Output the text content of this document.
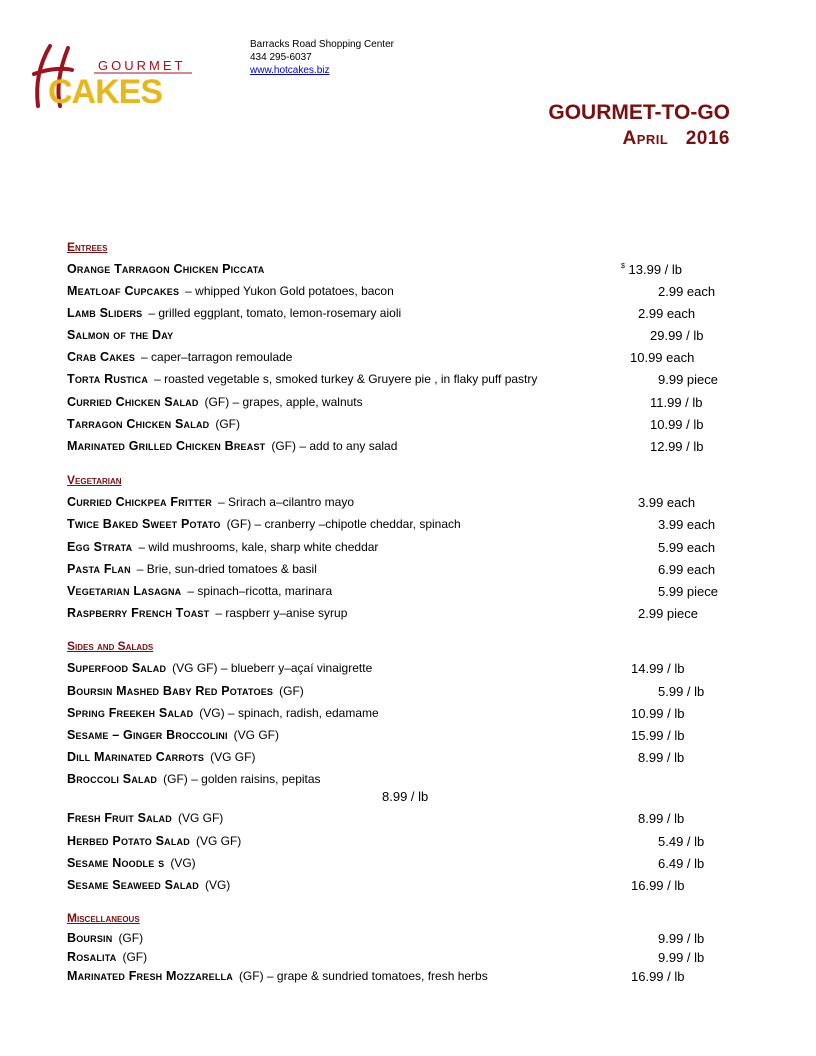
GOURMET
CAKES
Barracks Road Shopping Center
434 295-6037
www.hotcakes.biz
GOURMET-TO-GO
April 2016
Entrees
Orange Tarragon Chicken Piccata	$ 13.99 / lb
Meatloaf Cupcakes – whipped Yukon Gold potatoes, bacon	2.99 each
Lamb Sliders – grilled eggplant, tomato, lemon-rosemary aioli	2.99 each
Salmon of the Day	29.99 / lb
Crab Cakes – caper–tarragon remoulade	10.99 each
Torta Rustica – roasted vegetable s, smoked turkey & Gruyere pie , in flaky puff pastry	9.99 piece
Curried Chicken Salad (GF) – grapes, apple, walnuts	11.99 / lb
Tarragon Chicken Salad (GF)	10.99 / lb
Marinated Grilled Chicken Breast (GF) – add to any salad	12.99 / lb
Vegetarian
Curried Chickpea Fritter – Srirach a–cilantro mayo	3.99 each
Twice Baked Sweet Potato (GF) – cranberry –chipotle cheddar, spinach	3.99 each
Egg Strata – wild mushrooms, kale, sharp white cheddar	5.99 each
Pasta Flan – Brie, sun-dried tomatoes & basil	6.99 each
Vegetarian Lasagna – spinach–ricotta, marinara	5.99 piece
Raspberry French Toast – raspberr y–anise syrup	2.99 piece
Sides and Salads
Superfood Salad (VG GF) – blueberr y–açaí vinaigrette	14.99 / lb
Boursin Mashed Baby Red Potatoes (GF)	5.99 / lb
Spring Freekeh Salad (VG) – spinach, radish, edamame	10.99 / lb
Sesame – Ginger Broccolini (VG GF)	15.99 / lb
Dill Marinated Carrots (VG GF)	8.99 / lb
Broccoli Salad (GF) – golden raisins, pepitas
8.99 / lb
Fresh Fruit Salad (VG GF)	8.99 / lb
Herbed Potato Salad (VG GF)	5.49 / lb
Sesame Noodle s (VG)	6.49 / lb
Sesame Seaweed Salad (VG)	16.99 / lb
Miscellaneous
Boursin (GF)	9.99 / lb
Rosalita (GF)	9.99 / lb
Marinated Fresh Mozzarella (GF) – grape & sundried tomatoes, fresh herbs	16.99 / lb
